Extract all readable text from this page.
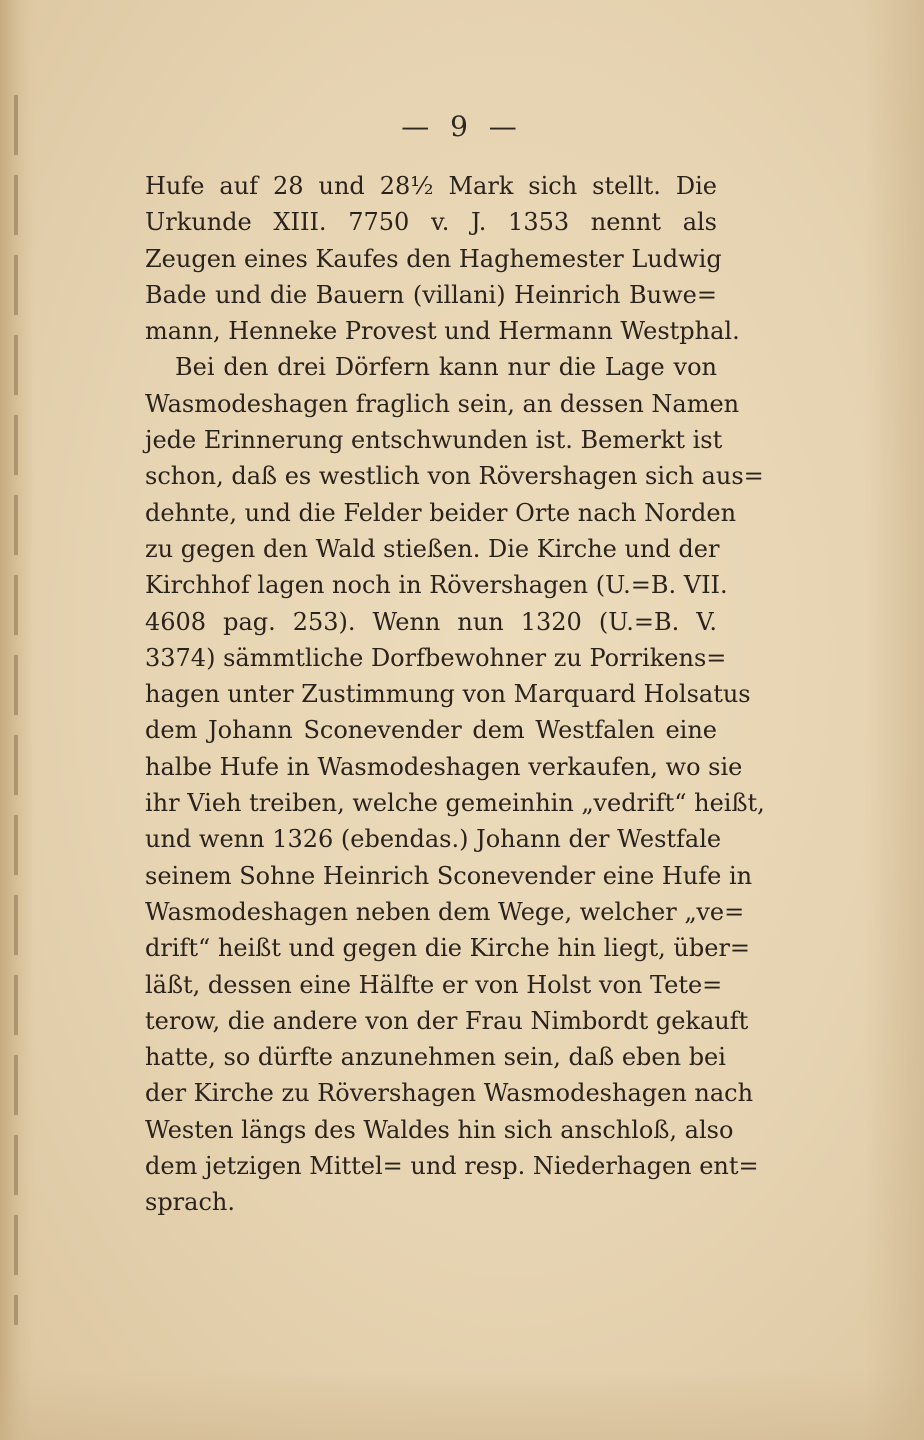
— 9 —
Hufe auf 28 und 28½ Mark sich stellt. Die
Urkunde XIII. 7750 v. J. 1353 nennt als
Zeugen eines Kaufes den Haghemester Ludwig
Bade und die Bauern (villani) Heinrich Buwe=
mann, Henneke Provest und Hermann Westphal.
Bei den drei Dörfern kann nur die Lage von
Wasmodeshagen fraglich sein, an dessen Namen
jede Erinnerung entschwunden ist. Bemerkt ist
schon, daß es westlich von Rövershagen sich aus=
dehnte, und die Felder beider Orte nach Norden
zu gegen den Wald stießen. Die Kirche und der
Kirchhof lagen noch in Rövershagen (U.=B. VII.
4608 pag. 253). Wenn nun 1320 (U.=B. V.
3374) sämmtliche Dorfbewohner zu Porrikens=
hagen unter Zustimmung von Marquard Holsatus
dem Johann Sconevender dem Westfalen eine
halbe Hufe in Wasmodeshagen verkaufen, wo sie
ihr Vieh treiben, welche gemeinhin „vedrift“ heißt,
und wenn 1326 (ebendas.) Johann der Westfale
seinem Sohne Heinrich Sconevender eine Hufe in
Wasmodeshagen neben dem Wege, welcher „ve=
drift“ heißt und gegen die Kirche hin liegt, über=
läßt, dessen eine Hälfte er von Holst von Tete=
terow, die andere von der Frau Nimbordt gekauft
hatte, so dürfte anzunehmen sein, daß eben bei
der Kirche zu Rövershagen Wasmodeshagen nach
Westen längs des Waldes hin sich anschloß, also
dem jetzigen Mittel= und resp. Niederhagen ent=
sprach.
